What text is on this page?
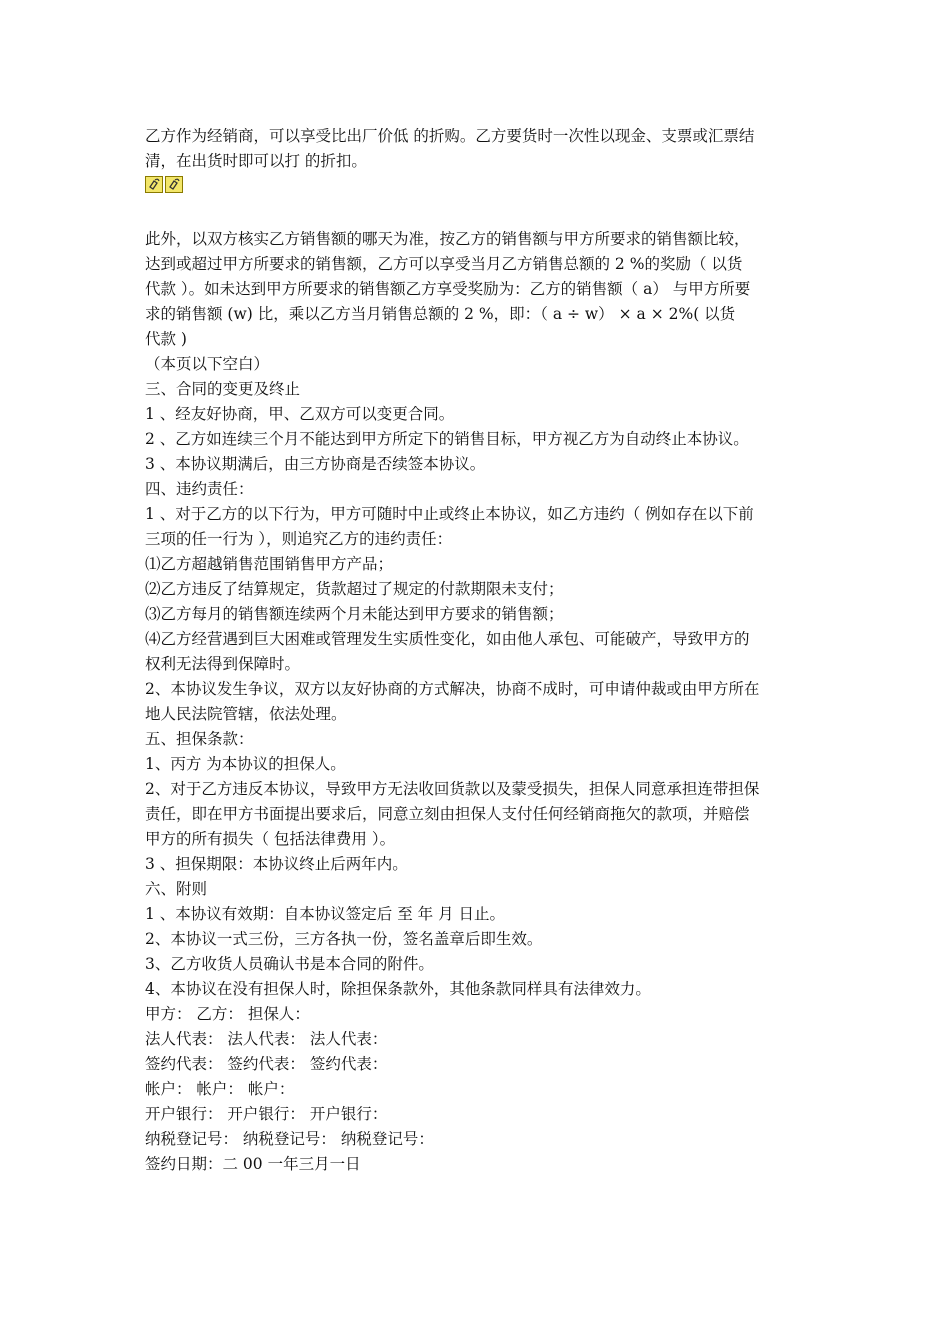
乙方作为经销商，可以享受比出厂价低 的折购。乙方要货时一次性以现金、支票或汇票结
清，在出货时即可以打 的折扣。
此外，以双方核实乙方销售额的哪天为准，按乙方的销售额与甲方所要求的销售额比较，
达到或超过甲方所要求的销售额，乙方可以享受当月乙方销售总额的 2 %的奖励（ 以货
代款 ）。如未达到甲方所要求的销售额乙方享受奖励为：乙方的销售额（ a） 与甲方所要
求的销售额 (w) 比，乘以乙方当月销售总额的 2 %，即：（ a ÷ w） × a × 2%( 以货
代款 )
（本页以下空白）
三、合同的变更及终止
1 、经友好协商，甲、乙双方可以变更合同。
2 、乙方如连续三个月不能达到甲方所定下的销售目标，甲方视乙方为自动终止本协议。
3 、本协议期满后，由三方协商是否续签本协议。
四、违约责任：
1 、对于乙方的以下行为，甲方可随时中止或终止本协议，如乙方违约（ 例如存在以下前
三项的任一行为 ），则追究乙方的违约责任：
⑴乙方超越销售范围销售甲方产品；
⑵乙方违反了结算规定，货款超过了规定的付款期限未支付；
⑶乙方每月的销售额连续两个月未能达到甲方要求的销售额；
⑷乙方经营遇到巨大困难或管理发生实质性变化，如由他人承包、可能破产，导致甲方的
权利无法得到保障时。
2、本协议发生争议，双方以友好协商的方式解决，协商不成时，可申请仲裁或由甲方所在
地人民法院管辖，依法处理。
五、担保条款：
1、丙方 为本协议的担保人。
2、对于乙方违反本协议，导致甲方无法收回货款以及蒙受损失，担保人同意承担连带担保
责任，即在甲方书面提出要求后，同意立刻由担保人支付任何经销商拖欠的款项，并赔偿
甲方的所有损失（ 包括法律费用 ）。
3 、担保期限：本协议终止后两年内。
六、附则
1 、本协议有效期：自本协议签定后 至 年 月 日止。
2、本协议一式三份，三方各执一份，签名盖章后即生效。
3、乙方收货人员确认书是本合同的附件。
4、本协议在没有担保人时，除担保条款外，其他条款同样具有法律效力。
甲方： 乙方： 担保人：
法人代表： 法人代表： 法人代表：
签约代表： 签约代表： 签约代表：
帐户： 帐户： 帐户：
开户银行： 开户银行： 开户银行：
纳税登记号： 纳税登记号： 纳税登记号：
签约日期：二 00 一年三月一日
